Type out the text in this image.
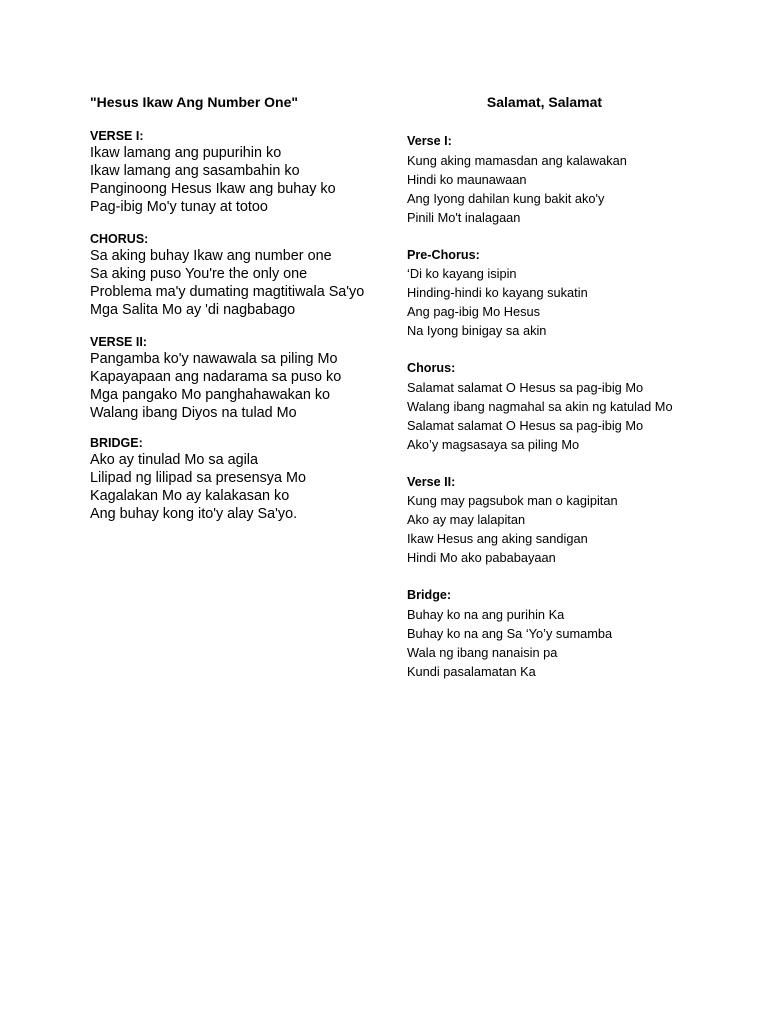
"Hesus Ikaw Ang Number One"
VERSE I:
Ikaw lamang ang pupurihin ko
Ikaw lamang ang sasambahin ko
Panginoong Hesus Ikaw ang buhay ko
Pag-ibig Mo'y tunay at totoo
CHORUS:
Sa aking buhay Ikaw ang number one
Sa aking puso You're the only one
Problema ma'y dumating magtitiwala Sa'yo
Mga Salita Mo ay 'di nagbabago
VERSE II:
Pangamba ko'y nawawala sa piling Mo
Kapayapaan ang nadarama sa puso ko
Mga pangako Mo panghahawakan ko
Walang ibang Diyos na tulad Mo
BRIDGE:
Ako ay tinulad Mo sa agila
Lilipad ng lilipad sa presensya Mo
Kagalakan Mo ay kalakasan ko
Ang buhay kong ito'y alay Sa'yo.
Salamat, Salamat
Verse I:
Kung aking mamasdan ang kalawakan
Hindi ko maunawaan
Ang Iyong dahilan kung bakit ako'y
Pinili Mo't inalagaan
Pre-Chorus:
‘Di ko kayang isipin
Hinding-hindi ko kayang sukatin
Ang pag-ibig Mo Hesus
Na Iyong binigay sa akin
Chorus:
Salamat salamat O Hesus sa pag-ibig Mo
Walang ibang nagmahal sa akin ng katulad Mo
Salamat salamat O Hesus sa pag-ibig Mo
Ako’y magsasaya sa piling Mo
Verse II:
Kung may pagsubok man o kagipitan
Ako ay may lalapitan
Ikaw Hesus ang aking sandigan
Hindi Mo ako pababayaan
Bridge:
Buhay ko na ang purihin Ka
Buhay ko na ang Sa ‘Yo’y sumamba
Wala ng ibang nanaisin pa
Kundi pasalamatan Ka
